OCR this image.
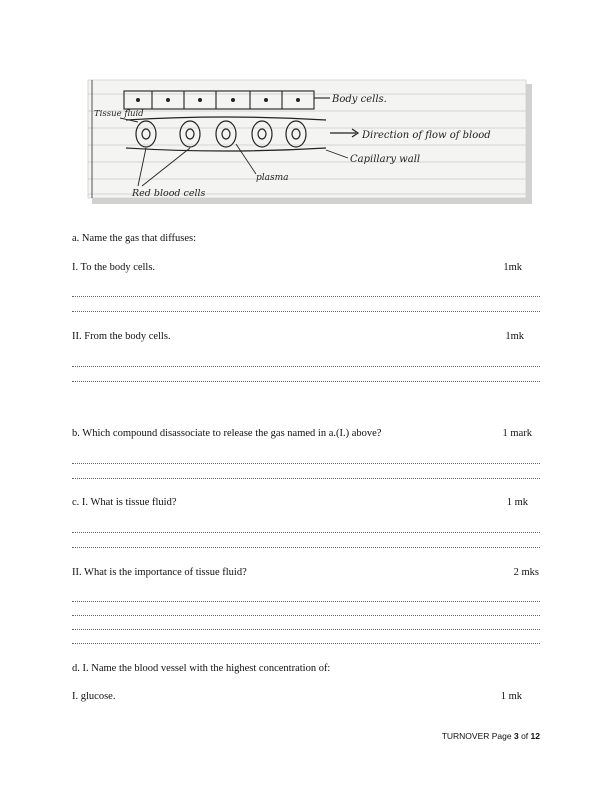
Body cells.
Tissue fluid
Direction of flow of blood
Capillary wall
plasma
Red blood cells
a. Name the gas that diffuses:
I. To the body cells.	1mk
II. From the body cells.	1mk
b. Which compound disassociate to release the gas named in a.(I.) above?	1 mark
c. I. What is tissue fluid?	1 mk
II. What is the importance of tissue fluid?	2 mks
d. I. Name the blood vessel with the highest concentration of:
I. glucose.	1 mk
TURNOVER Page 3 of 12
